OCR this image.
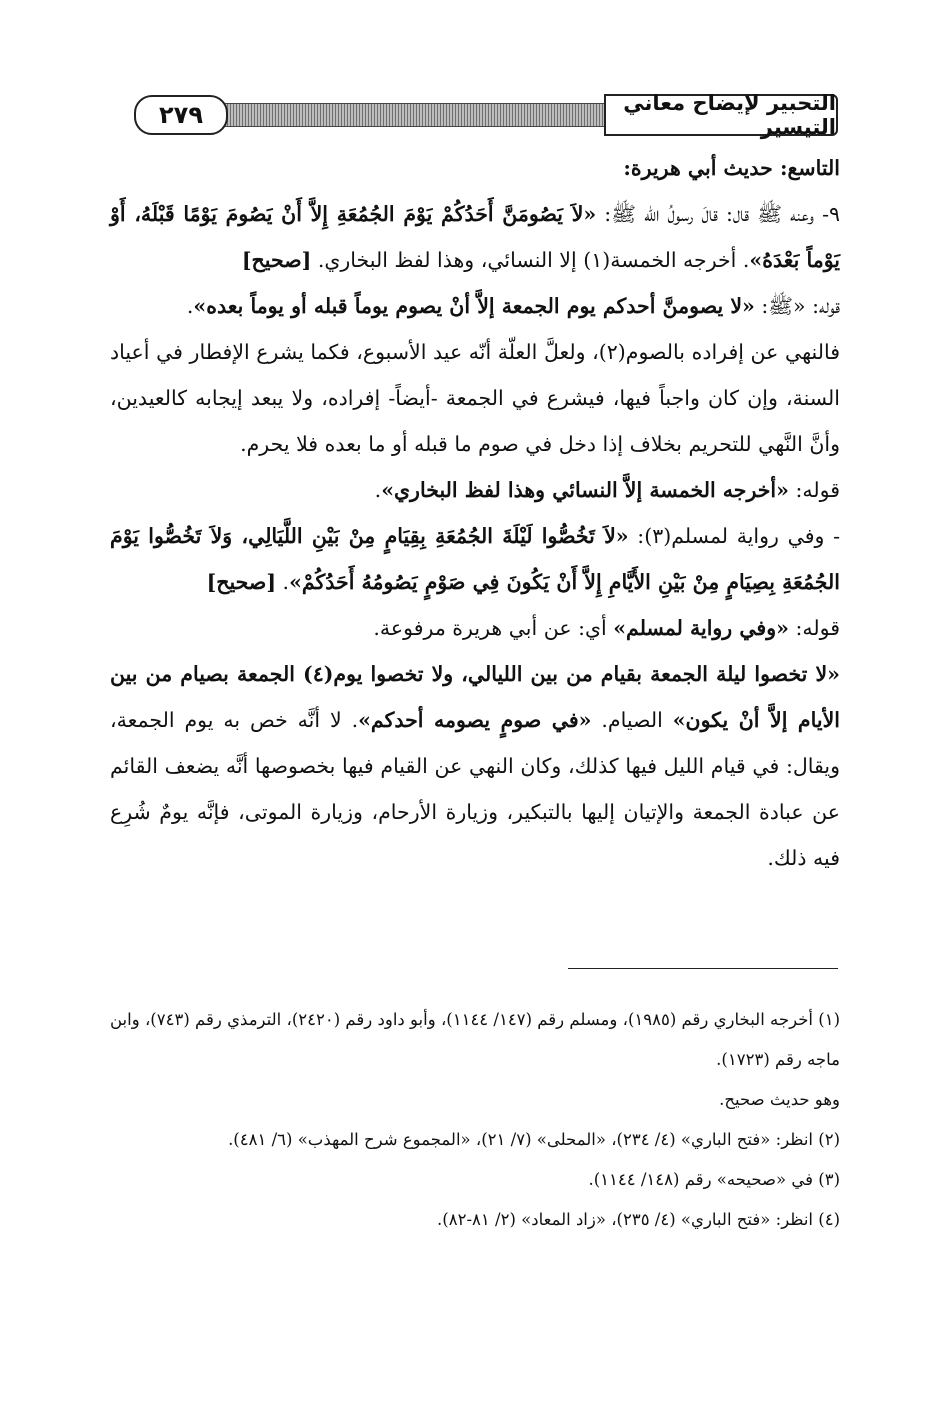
٢٧٩	التحبير لإيضاح معاني التيسير

التاسع: حديث أبي هريرة:

٩- وعنه ﷺ قال: قالَ رسولُ الله ﷺ: «لاَ يَصُومَنَّ أَحَدُكُمْ يَوْمَ الجُمُعَةِ إِلاَّ أَنْ يَصُومَ يَوْمًا قَبْلَهُ، أَوْ يَوْماً بَعْدَهُ». أخرجه الخمسة(١) إلا النسائي، وهذا لفظ البخاري. [صحيح]

قوله: «ﷺ: «لا يصومنَّ أحدكم يوم الجمعة إلاَّ أنْ يصوم يوماً قبله أو يوماً بعده».

فالنهي عن إفراده بالصوم(٢)، ولعلَّ العلّة أنّه عيد الأسبوع، فكما يشرع الإفطار في أعياد السنة، وإن كان واجباً فيها، فيشرع في الجمعة -أيضاً- إفراده، ولا يبعد إيجابه كالعيدين، وأنَّ النَّهي للتحريم بخلاف إذا دخل في صوم ما قبله أو ما بعده فلا يحرم.

قوله: «أخرجه الخمسة إلاَّ النسائي وهذا لفظ البخاري».

- وفي رواية لمسلم(٣): «لاَ تَخُصُّوا لَيْلَةَ الجُمُعَةِ بِقِيَامٍ مِنْ بَيْنِ اللَّيَالِي، وَلاَ تَخُصُّوا يَوْمَ الجُمُعَةِ بِصِيَامٍ مِنْ بَيْنِ الأَيَّامِ إِلاَّ أَنْ يَكُونَ فِي صَوْمٍ يَصُومُهُ أَحَدُكُمْ». [صحيح]

قوله: «وفي رواية لمسلم» أي: عن أبي هريرة مرفوعة.

«لا تخصوا ليلة الجمعة بقيام من بين الليالي، ولا تخصوا يوم(٤) الجمعة بصيام من بين الأيام إلاَّ أنْ يكون» الصيام. «في صومٍ يصومه أحدكم». لا أنَّه خص به يوم الجمعة، ويقال: في قيام الليل فيها كذلك، وكان النهي عن القيام فيها بخصوصها أنَّه يضعف القائم عن عبادة الجمعة والإتيان إليها بالتبكير، وزيارة الأرحام، وزيارة الموتى، فإنَّه يومٌ شُرِع فيه ذلك.

(١) أخرجه البخاري رقم (١٩٨٥)، ومسلم رقم (١٤٧/ ١١٤٤)، وأبو داود رقم (٢٤٢٠)، الترمذي رقم (٧٤٣)، وابن ماجه رقم (١٧٢٣).

وهو حديث صحيح.

(٢) انظر: «فتح الباري» (٤/ ٢٣٤)، «المحلى» (٧/ ٢١)، «المجموع شرح المهذب» (٦/ ٤٨١).

(٣) في «صحيحه» رقم (١٤٨/ ١١٤٤).

(٤) انظر: «فتح الباري» (٤/ ٢٣٥)، «زاد المعاد» (٢/ ٨١-٨٢).
